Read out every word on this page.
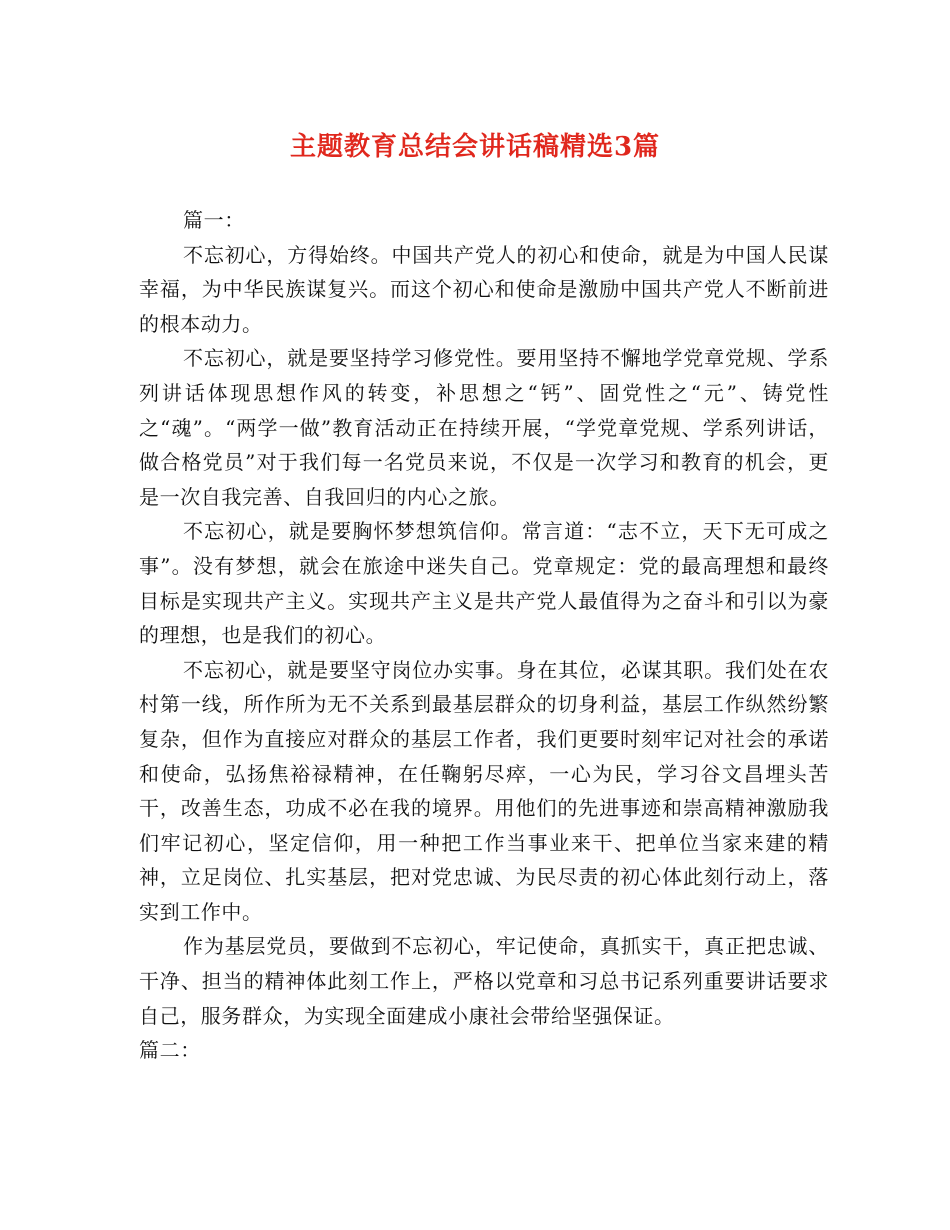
主题教育总结会讲话稿精选3篇

篇一：

不忘初心，方得始终。中国共产党人的初心和使命，就是为中国人民谋幸福，为中华民族谋复兴。而这个初心和使命是激励中国共产党人不断前进的根本动力。

不忘初心，就是要坚持学习修党性。要用坚持不懈地学党章党规、学系列讲话体现思想作风的转变，补思想之“钙”、固党性之“元”、铸党性之“魂”。“两学一做”教育活动正在持续开展，“学党章党规、学系列讲话，做合格党员”对于我们每一名党员来说，不仅是一次学习和教育的机会，更是一次自我完善、自我回归的内心之旅。

不忘初心，就是要胸怀梦想筑信仰。常言道：“志不立，天下无可成之事”。没有梦想，就会在旅途中迷失自己。党章规定：党的最高理想和最终目标是实现共产主义。实现共产主义是共产党人最值得为之奋斗和引以为豪的理想，也是我们的初心。

不忘初心，就是要坚守岗位办实事。身在其位，必谋其职。我们处在农村第一线，所作所为无不关系到最基层群众的切身利益，基层工作纵然纷繁复杂，但作为直接应对群众的基层工作者，我们更要时刻牢记对社会的承诺和使命，弘扬焦裕禄精神，在任鞠躬尽瘁，一心为民，学习谷文昌埋头苦干，改善生态，功成不必在我的境界。用他们的先进事迹和崇高精神激励我们牢记初心，坚定信仰，用一种把工作当事业来干、把单位当家来建的精神，立足岗位、扎实基层，把对党忠诚、为民尽责的初心体此刻行动上，落实到工作中。

作为基层党员，要做到不忘初心，牢记使命，真抓实干，真正把忠诚、干净、担当的精神体此刻工作上，严格以党章和习总书记系列重要讲话要求自己，服务群众，为实现全面建成小康社会带给坚强保证。

篇二：
